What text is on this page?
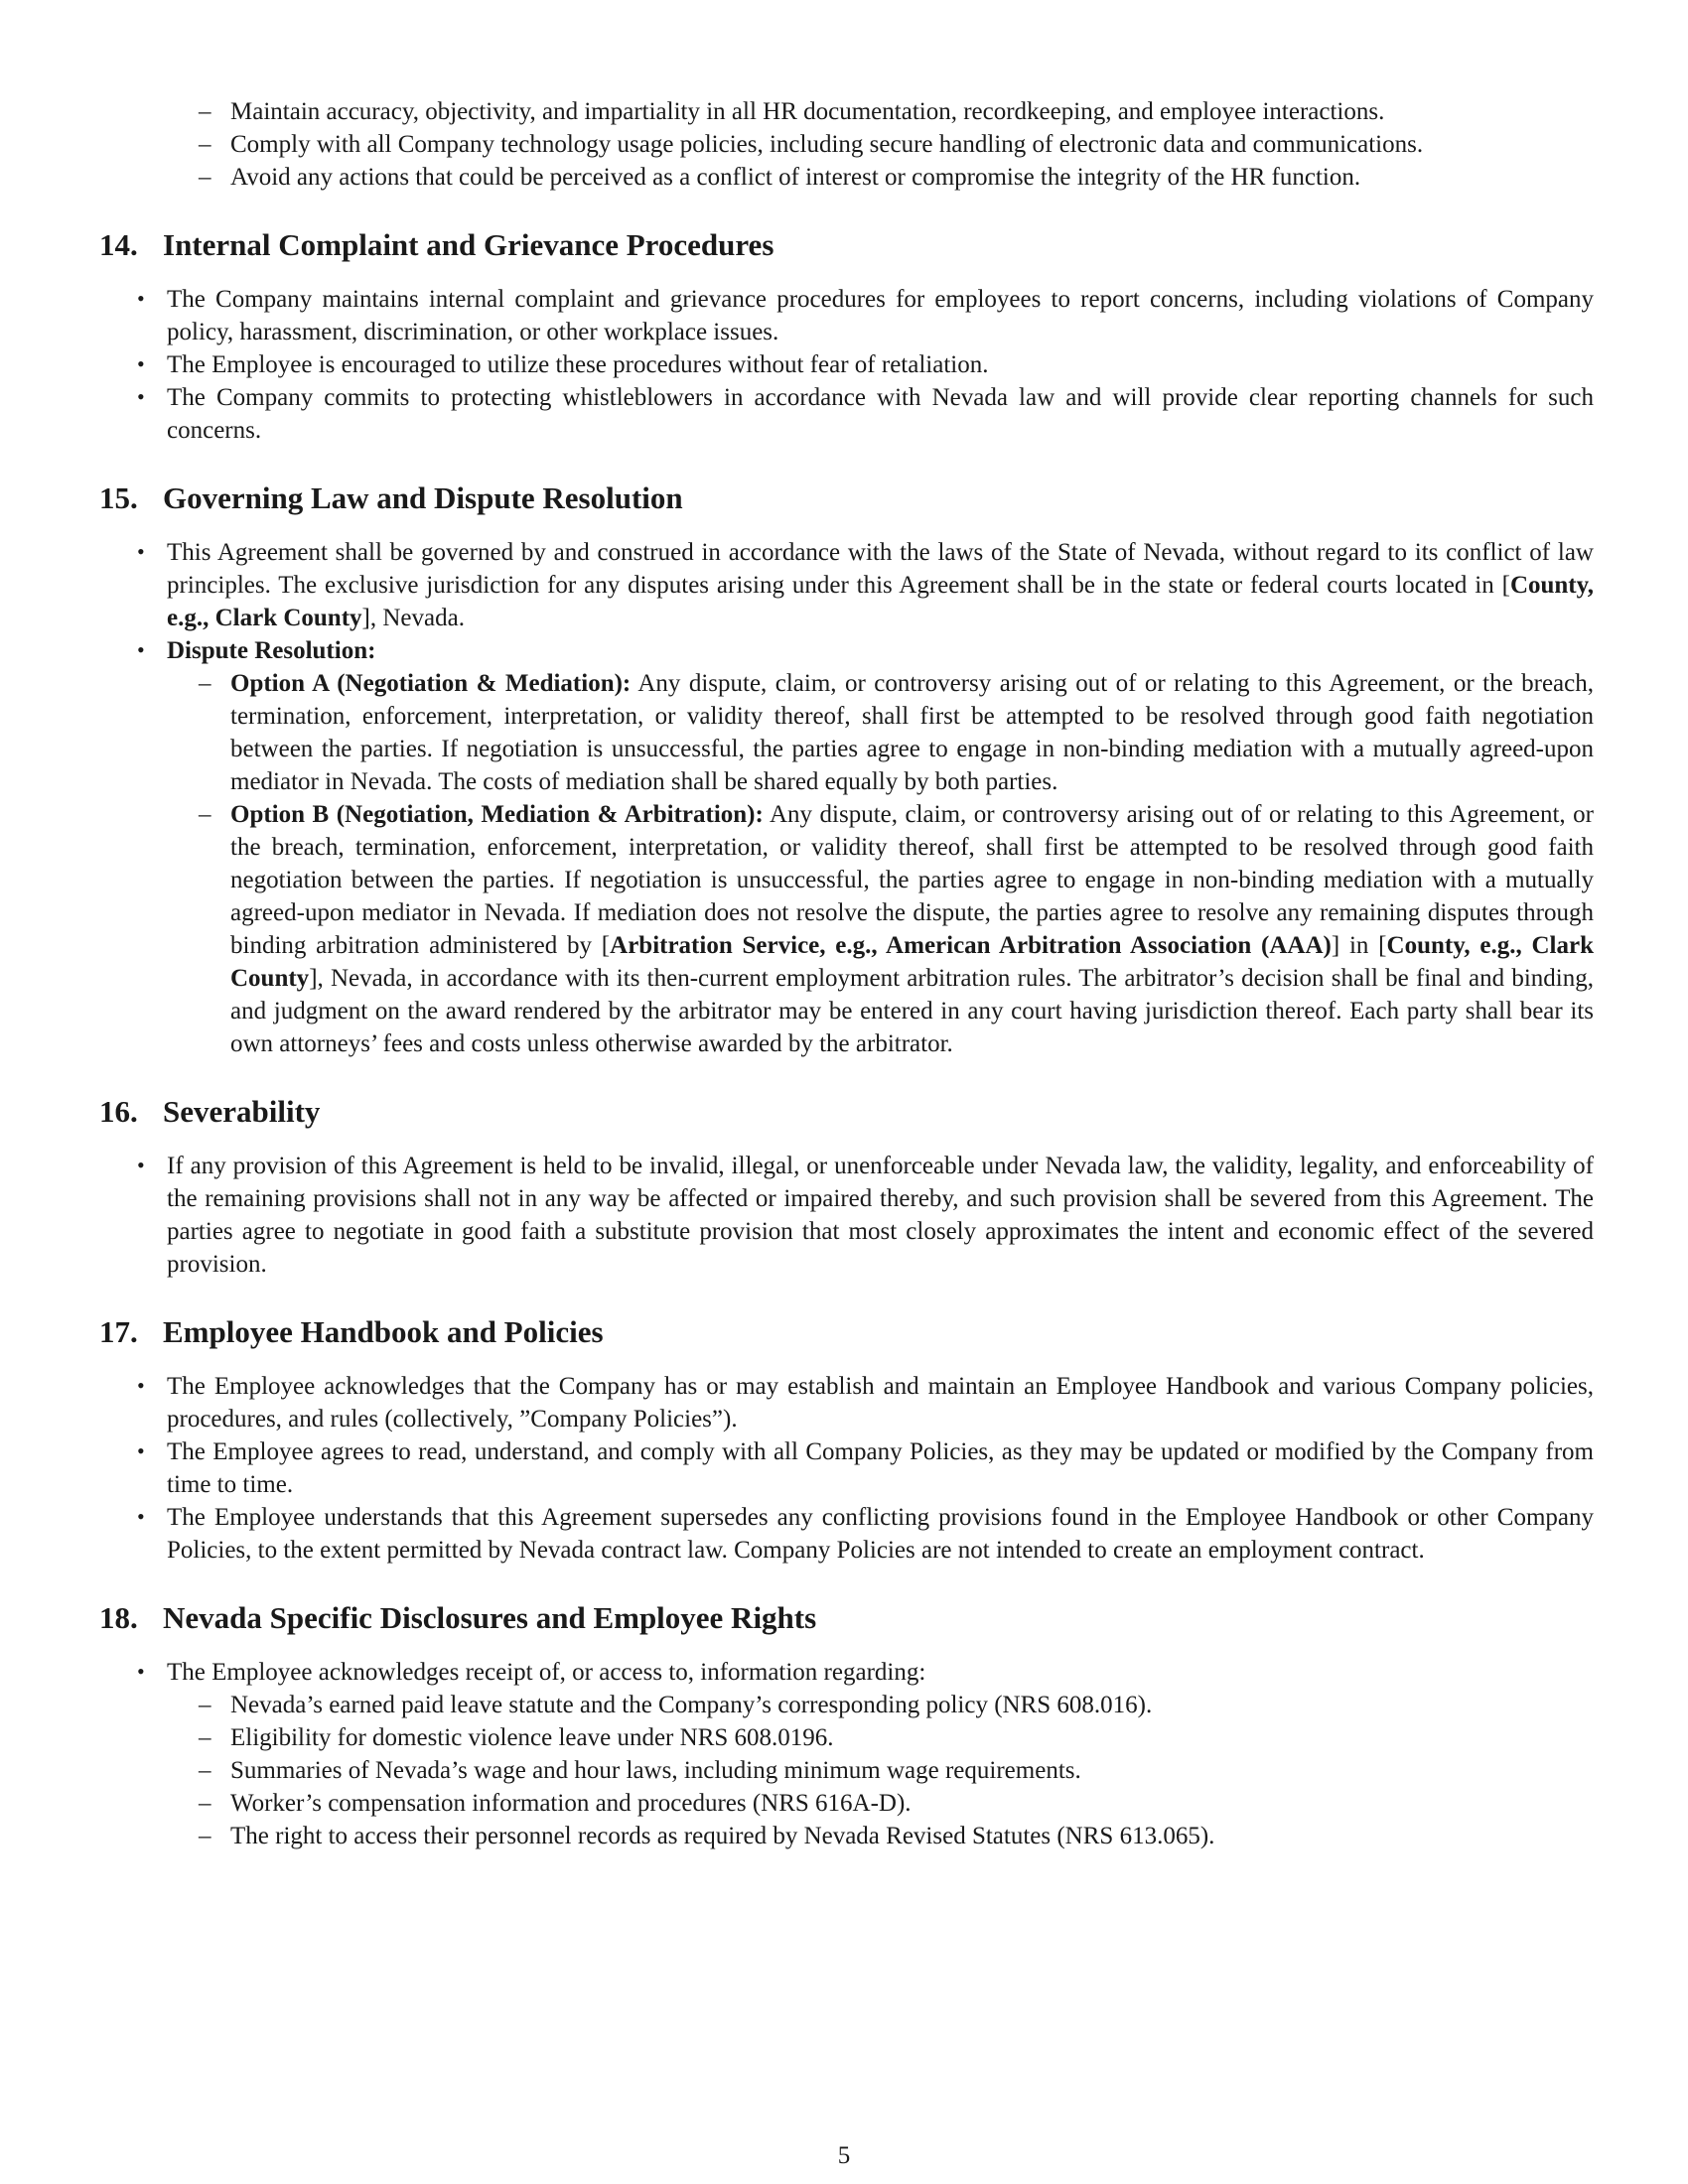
– Maintain accuracy, objectivity, and impartiality in all HR documentation, recordkeeping, and employee interactions.
– Comply with all Company technology usage policies, including secure handling of electronic data and communications.
– Avoid any actions that could be perceived as a conflict of interest or compromise the integrity of the HR function.
14. Internal Complaint and Grievance Procedures
• The Company maintains internal complaint and grievance procedures for employees to report concerns, including violations of Company policy, harassment, discrimination, or other workplace issues.
• The Employee is encouraged to utilize these procedures without fear of retaliation.
• The Company commits to protecting whistleblowers in accordance with Nevada law and will provide clear reporting channels for such concerns.
15. Governing Law and Dispute Resolution
• This Agreement shall be governed by and construed in accordance with the laws of the State of Nevada, without regard to its conflict of law principles. The exclusive jurisdiction for any disputes arising under this Agreement shall be in the state or federal courts located in [County, e.g., Clark County], Nevada.
• Dispute Resolution:
– Option A (Negotiation & Mediation): Any dispute, claim, or controversy arising out of or relating to this Agreement, or the breach, termination, enforcement, interpretation, or validity thereof, shall first be attempted to be resolved through good faith negotiation between the parties. If negotiation is unsuccessful, the parties agree to engage in non-binding mediation with a mutually agreed-upon mediator in Nevada. The costs of mediation shall be shared equally by both parties.
– Option B (Negotiation, Mediation & Arbitration): Any dispute, claim, or controversy arising out of or relating to this Agreement, or the breach, termination, enforcement, interpretation, or validity thereof, shall first be attempted to be resolved through good faith negotiation between the parties. If negotiation is unsuccessful, the parties agree to engage in non-binding mediation with a mutually agreed-upon mediator in Nevada. If mediation does not resolve the dispute, the parties agree to resolve any remaining disputes through binding arbitration administered by [Arbitration Service, e.g., American Arbitration Association (AAA)] in [County, e.g., Clark County], Nevada, in accordance with its then-current employment arbitration rules. The arbitrator’s decision shall be final and binding, and judgment on the award rendered by the arbitrator may be entered in any court having jurisdiction thereof. Each party shall bear its own attorneys’ fees and costs unless otherwise awarded by the arbitrator.
16. Severability
• If any provision of this Agreement is held to be invalid, illegal, or unenforceable under Nevada law, the validity, legality, and enforceability of the remaining provisions shall not in any way be affected or impaired thereby, and such provision shall be severed from this Agreement. The parties agree to negotiate in good faith a substitute provision that most closely approximates the intent and economic effect of the severed provision.
17. Employee Handbook and Policies
• The Employee acknowledges that the Company has or may establish and maintain an Employee Handbook and various Company policies, procedures, and rules (collectively, ”Company Policies”).
• The Employee agrees to read, understand, and comply with all Company Policies, as they may be updated or modified by the Company from time to time.
• The Employee understands that this Agreement supersedes any conflicting provisions found in the Employee Handbook or other Company Policies, to the extent permitted by Nevada contract law. Company Policies are not intended to create an employment contract.
18. Nevada Specific Disclosures and Employee Rights
• The Employee acknowledges receipt of, or access to, information regarding:
– Nevada’s earned paid leave statute and the Company’s corresponding policy (NRS 608.016).
– Eligibility for domestic violence leave under NRS 608.0196.
– Summaries of Nevada’s wage and hour laws, including minimum wage requirements.
– Worker’s compensation information and procedures (NRS 616A-D).
– The right to access their personnel records as required by Nevada Revised Statutes (NRS 613.065).
5
